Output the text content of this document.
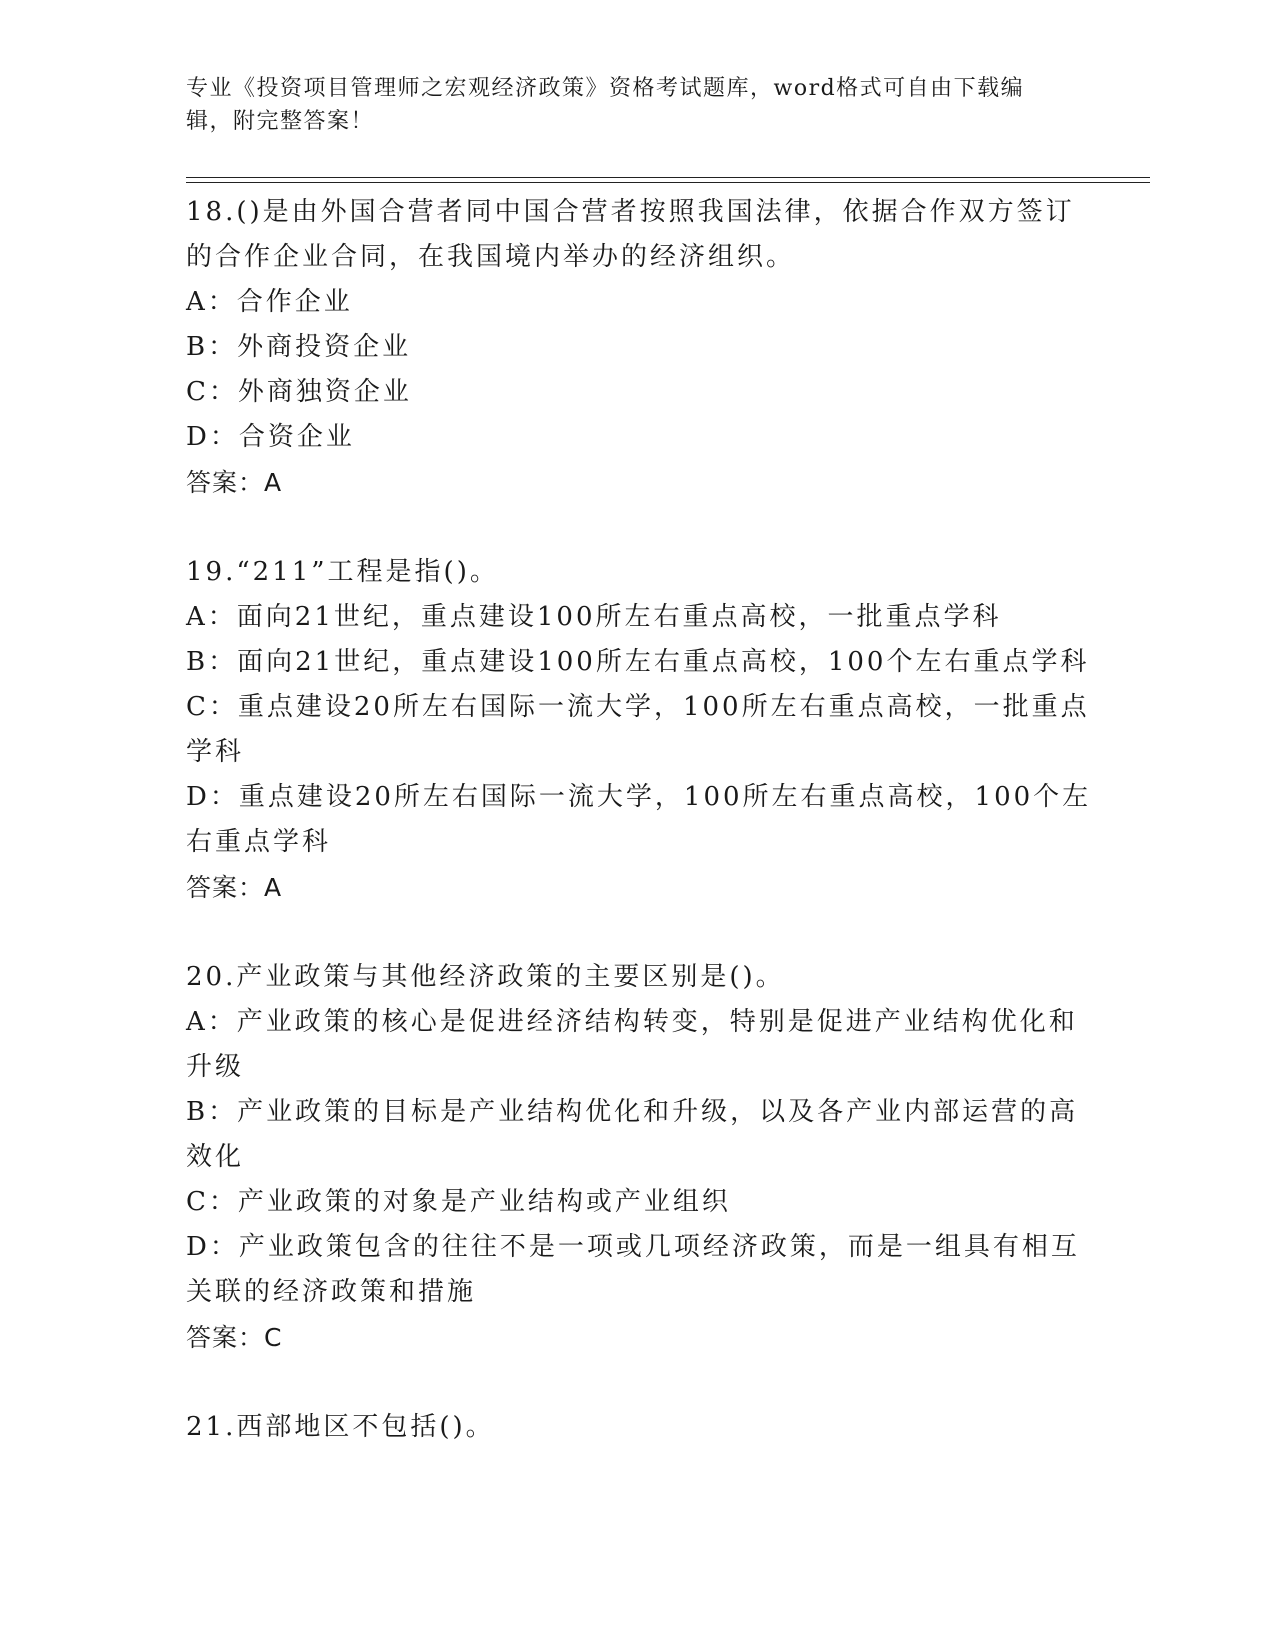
专业《投资项目管理师之宏观经济政策》资格考试题库，word格式可自由下载编
辑，附完整答案！
18.()是由外国合营者同中国合营者按照我国法律，依据合作双方签订
的合作企业合同，在我国境内举办的经济组织。
A：合作企业
B：外商投资企业
C：外商独资企业
D：合资企业
答案：A
19.“211”工程是指()。
A：面向21世纪，重点建设100所左右重点高校，一批重点学科
B：面向21世纪，重点建设100所左右重点高校，100个左右重点学科
C：重点建设20所左右国际一流大学，100所左右重点高校，一批重点
学科
D：重点建设20所左右国际一流大学，100所左右重点高校，100个左
右重点学科
答案：A
20.产业政策与其他经济政策的主要区别是()。
A：产业政策的核心是促进经济结构转变，特别是促进产业结构优化和
升级
B：产业政策的目标是产业结构优化和升级，以及各产业内部运营的高
效化
C：产业政策的对象是产业结构或产业组织
D：产业政策包含的往往不是一项或几项经济政策，而是一组具有相互
关联的经济政策和措施
答案：C
21.西部地区不包括()。
